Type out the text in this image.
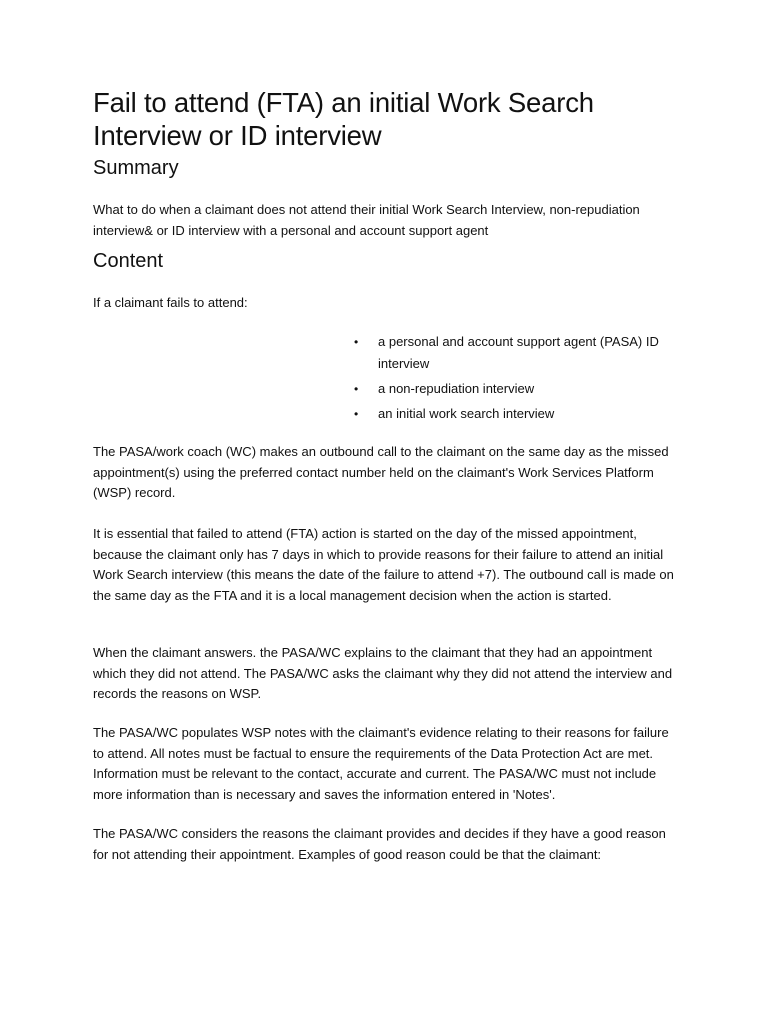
Fail to attend (FTA) an initial Work Search Interview or ID interview
Summary

What to do when a claimant does not attend their initial Work Search Interview, non-repudiation interview& or ID interview with a personal and account support agent

Content

If a claimant fails to attend:

• a personal and account support agent (PASA) ID interview
• a non-repudiation interview
• an initial work search interview

The PASA/work coach (WC) makes an outbound call to the claimant on the same day as the missed appointment(s) using the preferred contact number held on the claimant's Work Services Platform (WSP) record.

It is essential that failed to attend (FTA) action is started on the day of the missed appointment, because the claimant only has 7 days in which to provide reasons for their failure to attend an initial Work Search interview (this means the date of the failure to attend +7). The outbound call is made on the same day as the FTA and it is a local management decision when the action is started.

When the claimant answers. the PASA/WC explains to the claimant that they had an appointment which they did not attend. The PASA/WC asks the claimant why they did not attend the interview and records the reasons on WSP.

The PASA/WC populates WSP notes with the claimant's evidence relating to their reasons for failure to attend. All notes must be factual to ensure the requirements of the Data Protection Act are met. Information must be relevant to the contact, accurate and current. The PASA/WC must not include more information than is necessary and saves the information entered in 'Notes'.

The PASA/WC considers the reasons the claimant provides and decides if they have a good reason for not attending their appointment. Examples of good reason could be that the claimant:
